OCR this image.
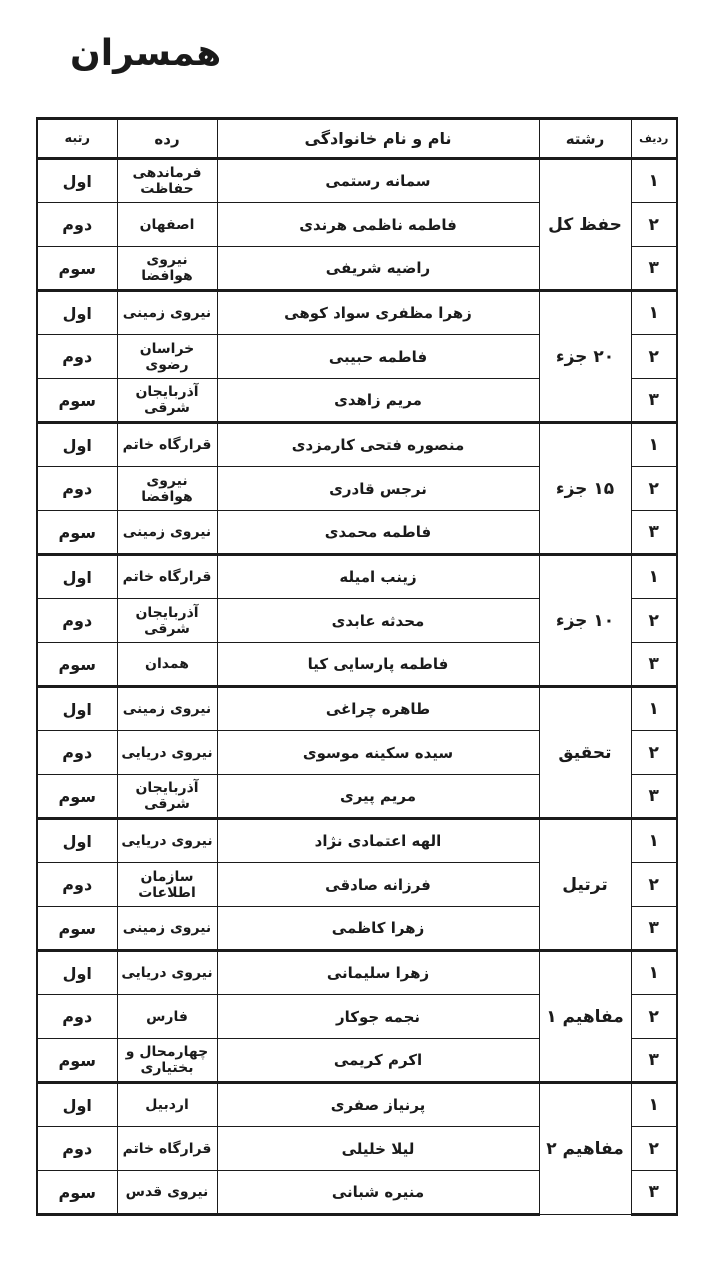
همسران
ردیف	رشته	نام و نام خانوادگی	رده	رتبه
۱	حفظ کل	سمانه رستمی	فرماندهی حفاظت	اول
۲		فاطمه ناظمی هرندی	اصفهان	دوم
۳		راضیه شریفی	نیروی هوافضا	سوم
۱	۲۰ جزء	زهرا مظفری سواد کوهی	نیروی زمینی	اول
۲		فاطمه حبیبی	خراسان رضوی	دوم
۳		مریم زاهدی	آذربایجان شرقی	سوم
۱	۱۵ جزء	منصوره فتحی کارمزدی	قرارگاه خاتم	اول
۲		نرجس قادری	نیروی هوافضا	دوم
۳		فاطمه محمدی	نیروی زمینی	سوم
۱	۱۰ جزء	زینب امیله	قرارگاه خاتم	اول
۲		محدثه عابدی	آذربایجان شرقی	دوم
۳		فاطمه پارسایی کیا	همدان	سوم
۱	تحقیق	طاهره چراغی	نیروی زمینی	اول
۲		سیده سکینه موسوی	نیروی دریایی	دوم
۳		مریم پیری	آذربایجان شرقی	سوم
۱	ترتیل	الهه اعتمادی نژاد	نیروی دریایی	اول
۲		فرزانه صادقی	سازمان اطلاعات	دوم
۳		زهرا کاظمی	نیروی زمینی	سوم
۱	مفاهیم ۱	زهرا سلیمانی	نیروی دریایی	اول
۲		نجمه جوکار	فارس	دوم
۳		اکرم کریمی	چهارمحال و بختیاری	سوم
۱	مفاهیم ۲	پرنیاز صفری	اردبیل	اول
۲		لیلا خلیلی	قرارگاه خاتم	دوم
۳		منیره شبانی	نیروی قدس	سوم
